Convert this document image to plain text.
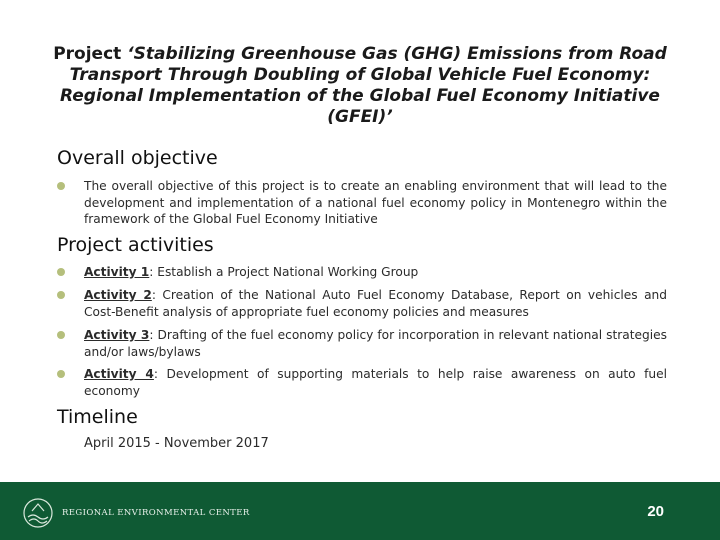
Project ‘Stabilizing Greenhouse Gas (GHG) Emissions from Road Transport Through Doubling of Global Vehicle Fuel Economy: Regional Implementation of the Global Fuel Economy Initiative (GFEI)’
Overall objective
The overall objective of this project is to create an enabling environment that will lead to the development and implementation of a national fuel economy policy in Montenegro within the framework of the Global Fuel Economy Initiative
Project activities
Activity 1: Establish a Project National Working Group
Activity 2: Creation of the National Auto Fuel Economy Database, Report on vehicles and Cost-Benefit analysis of appropriate fuel economy policies and measures
Activity 3: Drafting of the fuel economy policy for incorporation in relevant national strategies and/or laws/bylaws
Activity 4: Development of supporting materials to help raise awareness on auto fuel economy
Timeline
April 2015 - November 2017
REGIONAL ENVIRONMENTAL CENTER	20
